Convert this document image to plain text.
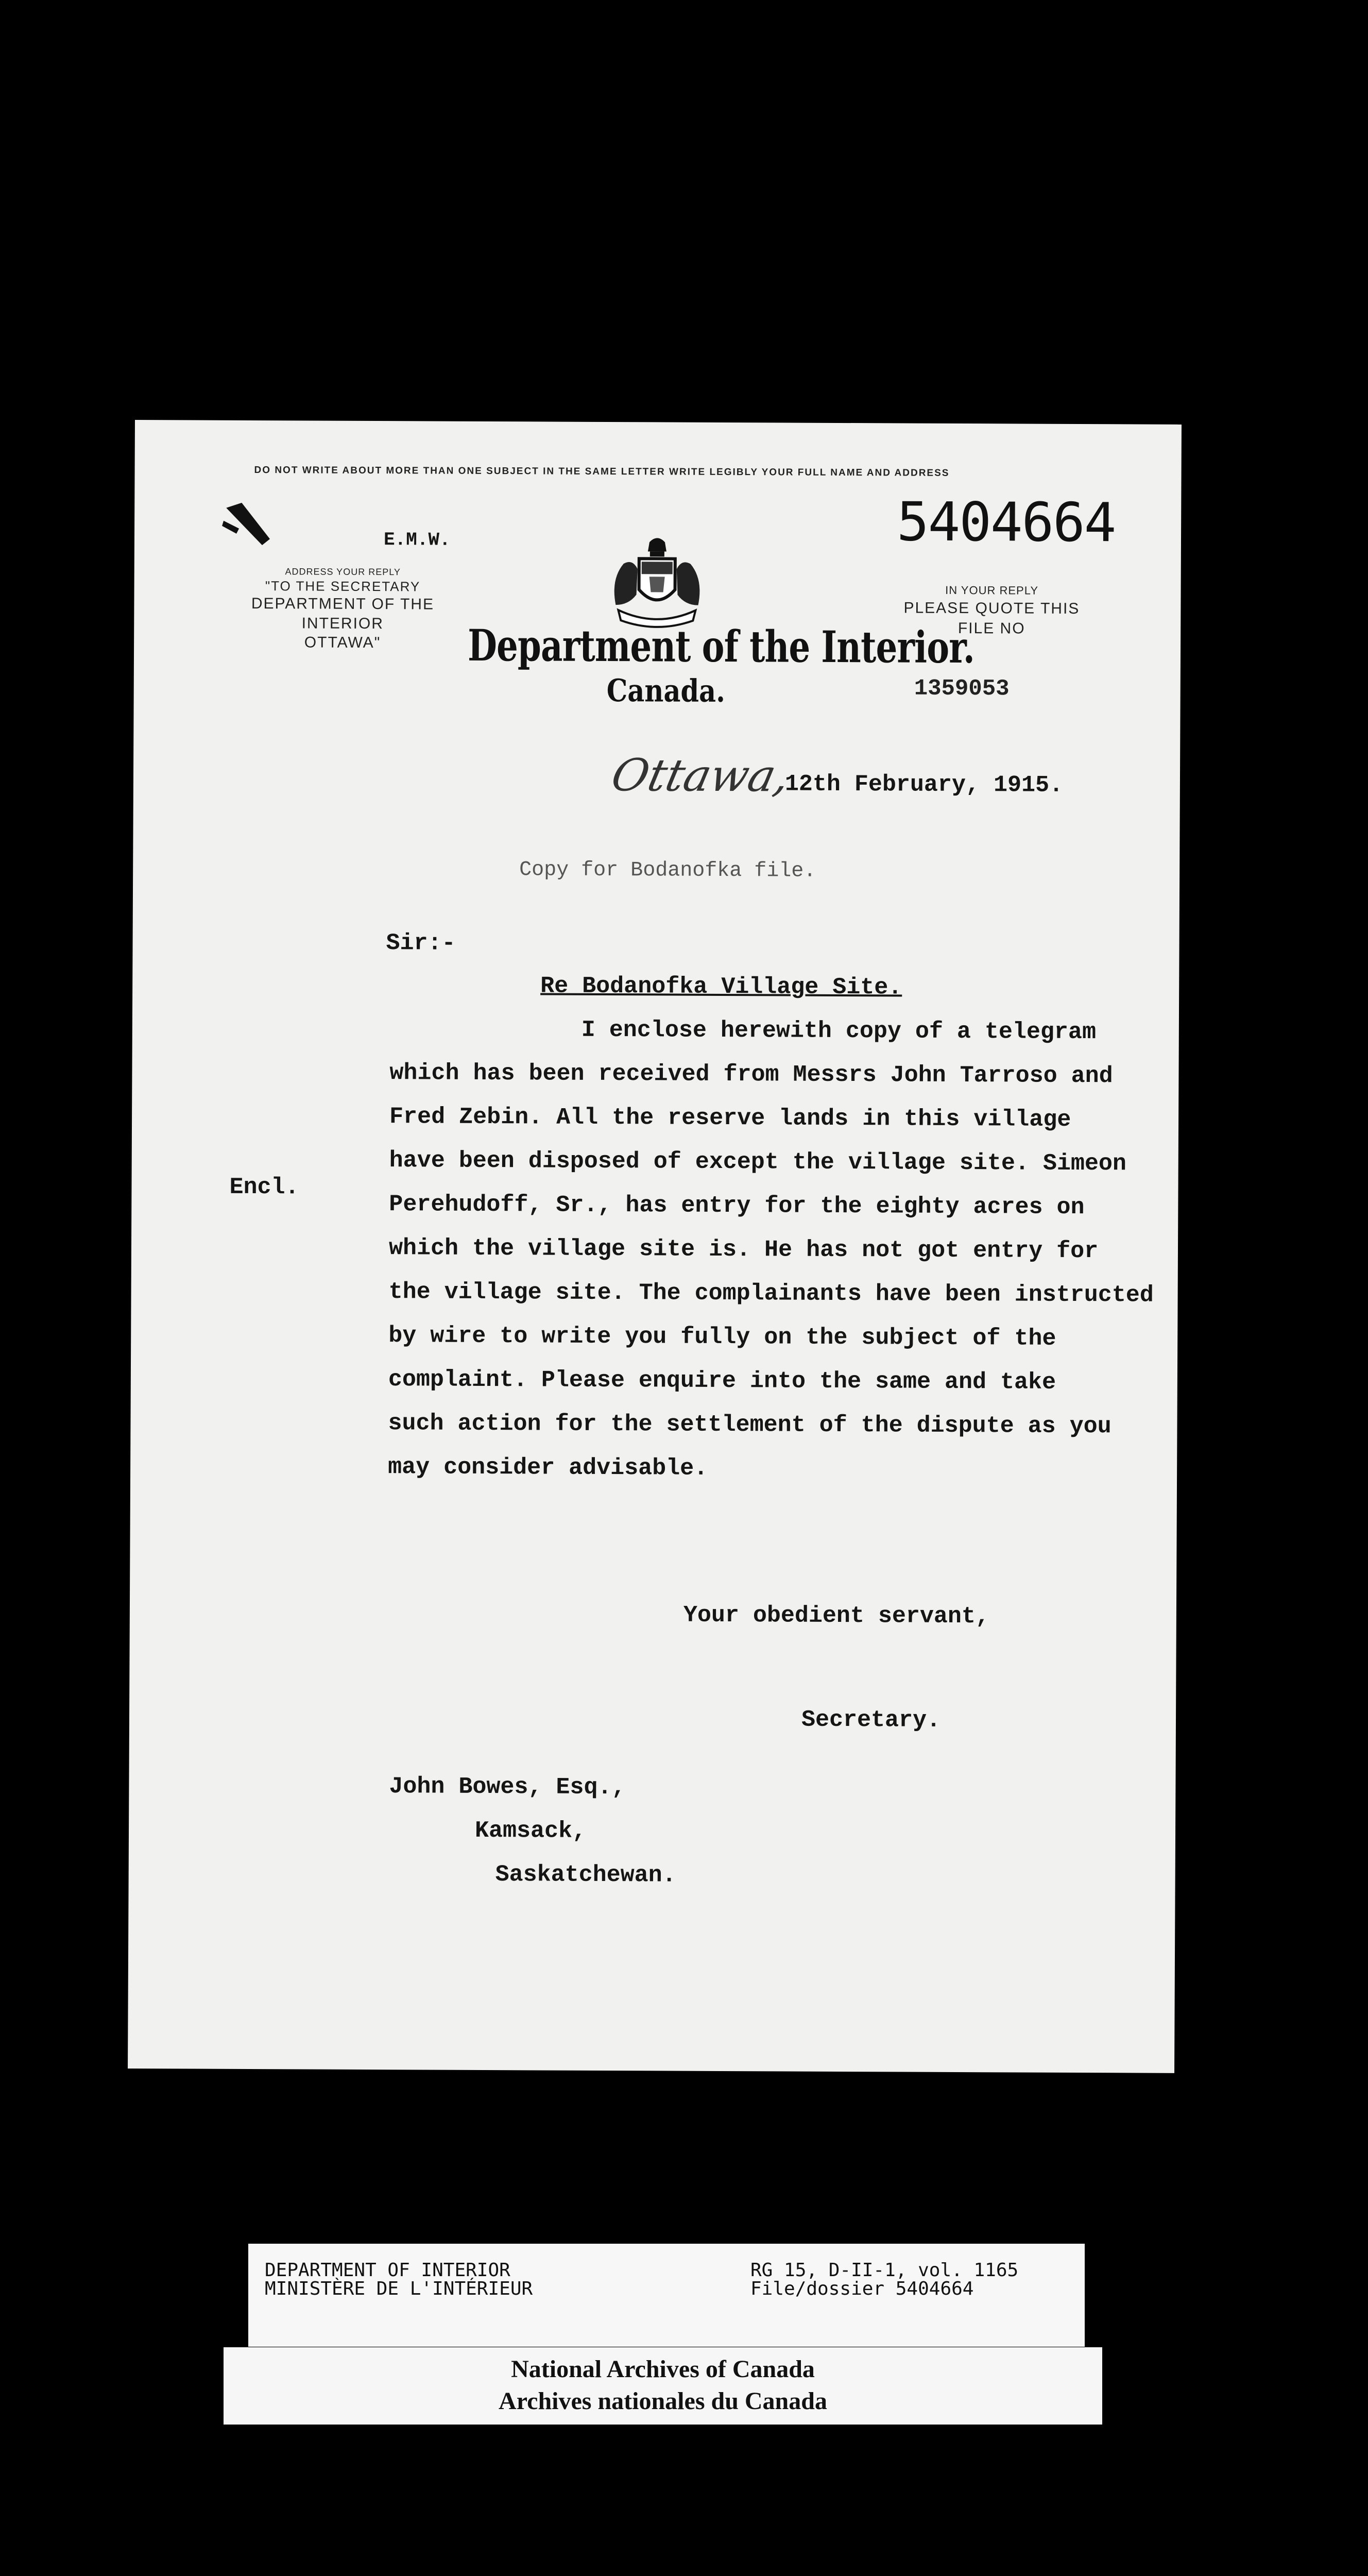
DO NOT WRITE ABOUT MORE THAN ONE SUBJECT IN THE SAME LETTER WRITE LEGIBLY YOUR FULL NAME AND ADDRESS
E.M.W.
ADDRESS YOUR REPLY
"TO THE SECRETARY
DEPARTMENT OF THE INTERIOR
OTTAWA"	Department of the Interior.
Canada.
5404664
IN YOUR REPLY
PLEASE QUOTE THIS
FILE NO
1359053
Ottawa,
12th February, 1915.
Copy for Bodanofka file.
Sir:-
Re Bodanofka Village Site.
Encl.
I enclose herewith copy of a telegram
which has been received from Messrs John Tarroso and
Fred Zebin. All the reserve lands in this village
have been disposed of except the village site. Simeon
Perehudoff, Sr., has entry for the eighty acres on
which the village site is. He has not got entry for
the village site. The complainants have been instructed
by wire to write you fully on the subject of the
complaint. Please enquire into the same and take
such action for the settlement of the dispute as you
may consider advisable.
Your obedient servant,
Secretary.
John Bowes, Esq.,
Kamsack,
Saskatchewan.
DEPARTMENT OF INTERIOR
MINISTÈRE DE L'INTÉRIEUR
RG 15, D-II-1, vol. 1165
File/dossier 5404664
National Archives of Canada
Archives nationales du Canada
